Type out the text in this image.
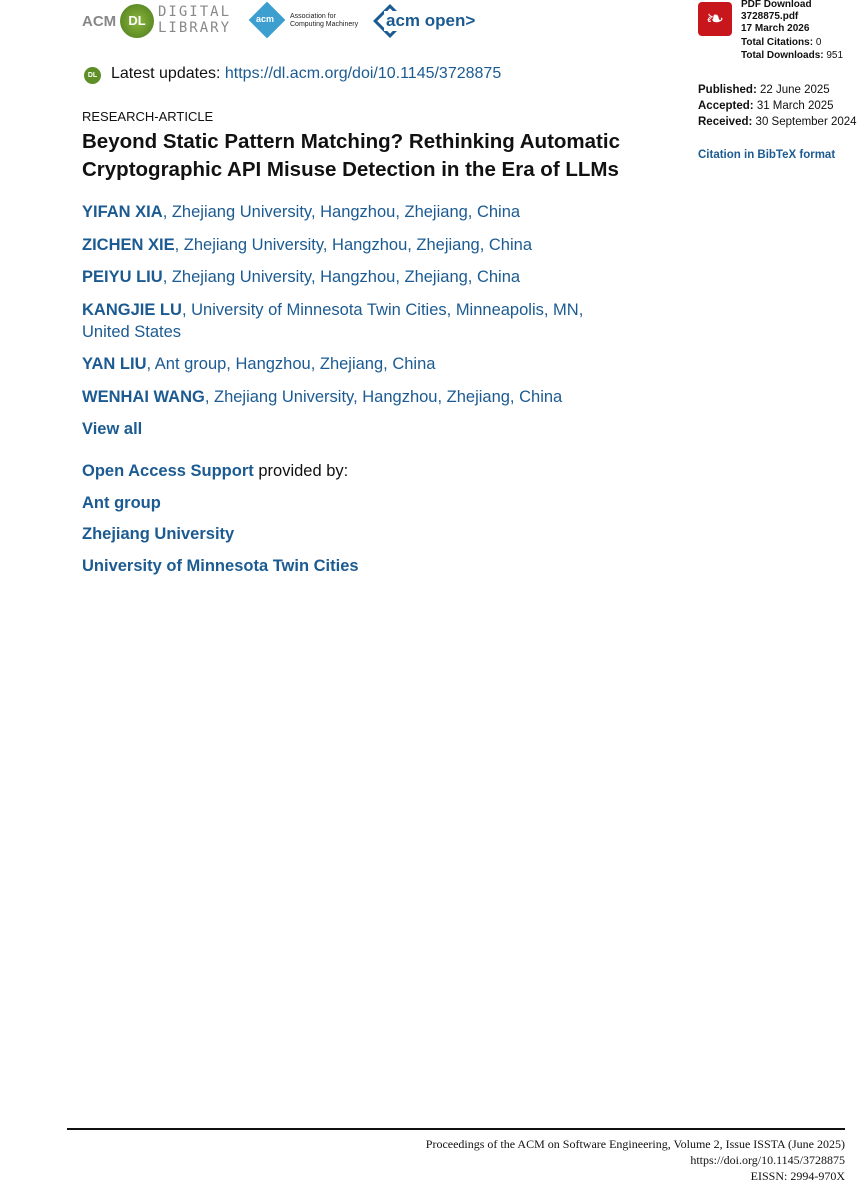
ACM DL
DIGITAL
LIBRARY
acm Association for
Computing Machinery acm open>
DL Latest updates: https://dl.acm.org/doi/10.1145/3728875
RESEARCH-ARTICLE
Beyond Static Pattern Matching? Rethinking Automatic
Cryptographic API Misuse Detection in the Era of LLMs
YIFAN XIA, Zhejiang University, Hangzhou, Zhejiang, China
ZICHEN XIE, Zhejiang University, Hangzhou, Zhejiang, China
PEIYU LIU, Zhejiang University, Hangzhou, Zhejiang, China
KANGJIE LU, University of Minnesota Twin Cities, Minneapolis, MN,
United States
YAN LIU, Ant group, Hangzhou, Zhejiang, China
WENHAI WANG, Zhejiang University, Hangzhou, Zhejiang, China
View all
Open Access Support provided by:
Ant group
Zhejiang University
University of Minnesota Twin Cities
❧
PDF Download
3728875.pdf
17 March 2026
Total Citations: 0
Total Downloads: 951
Published: 22 June 2025
Accepted: 31 March 2025
Received: 30 September 2024
Citation in BibTeX format
Proceedings of the ACM on Software Engineering, Volume 2, Issue ISSTA (June 2025)
https://doi.org/10.1145/3728875
EISSN: 2994-970X
